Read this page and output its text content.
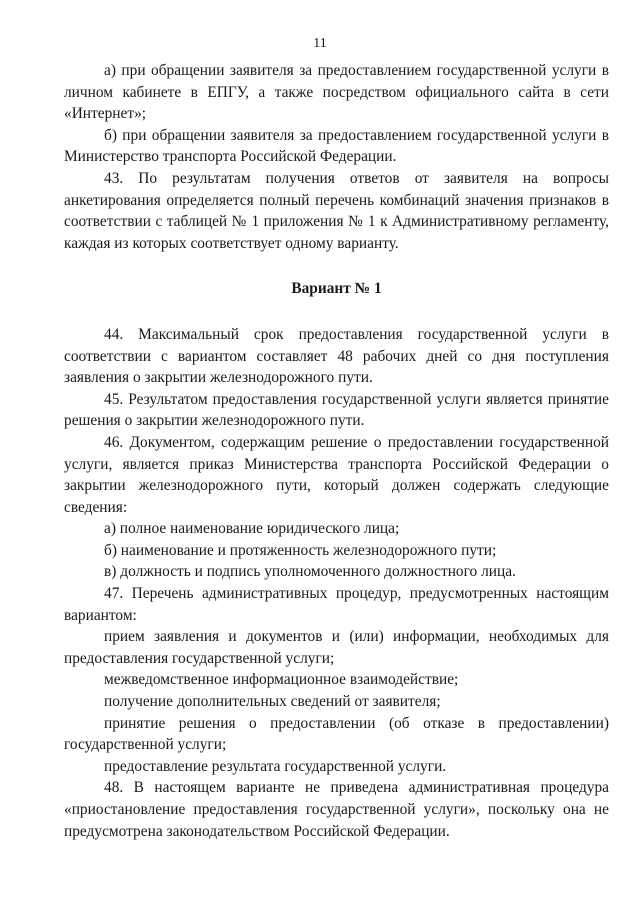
11

а) при обращении заявителя за предоставлением государственной услуги в личном кабинете в ЕПГУ, а также посредством официального сайта в сети «Интернет»;

б) при обращении заявителя за предоставлением государственной услуги в Министерство транспорта Российской Федерации.

43. По результатам получения ответов от заявителя на вопросы анкетирования определяется полный перечень комбинаций значения признаков в соответствии с таблицей № 1 приложения № 1 к Административному регламенту, каждая из которых соответствует одному варианту.

Вариант № 1

44. Максимальный срок предоставления государственной услуги в соответствии с вариантом составляет 48 рабочих дней со дня поступления заявления о закрытии железнодорожного пути.

45. Результатом предоставления государственной услуги является принятие решения о закрытии железнодорожного пути.

46. Документом, содержащим решение о предоставлении государственной услуги, является приказ Министерства транспорта Российской Федерации о закрытии железнодорожного пути, который должен содержать следующие сведения:

а) полное наименование юридического лица;

б) наименование и протяженность железнодорожного пути;

в) должность и подпись уполномоченного должностного лица.

47. Перечень административных процедур, предусмотренных настоящим вариантом:

прием заявления и документов и (или) информации, необходимых для предоставления государственной услуги;

межведомственное информационное взаимодействие;

получение дополнительных сведений от заявителя;

принятие решения о предоставлении (об отказе в предоставлении) государственной услуги;

предоставление результата государственной услуги.

48. В настоящем варианте не приведена административная процедура «приостановление предоставления государственной услуги», поскольку она не предусмотрена законодательством Российской Федерации.
